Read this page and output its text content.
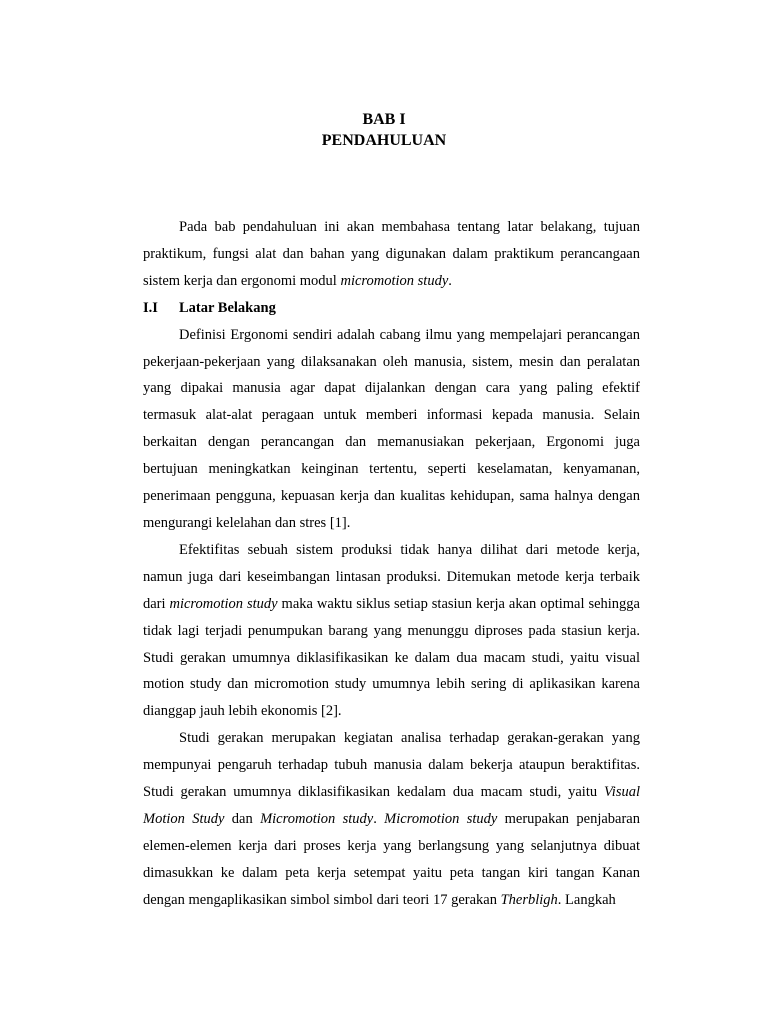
BAB I
PENDAHULUAN

Pada bab pendahuluan ini akan membahasa tentang latar belakang, tujuan praktikum, fungsi alat dan bahan yang digunakan dalam praktikum perancangaan sistem kerja dan ergonomi modul micromotion study.

I.I	Latar Belakang

Definisi Ergonomi sendiri adalah cabang ilmu yang mempelajari perancangan pekerjaan-pekerjaan yang dilaksanakan oleh manusia, sistem, mesin dan peralatan yang dipakai manusia agar dapat dijalankan dengan cara yang paling efektif termasuk alat-alat peragaan untuk memberi informasi kepada manusia. Selain berkaitan dengan perancangan dan memanusiakan pekerjaan, Ergonomi juga bertujuan meningkatkan keinginan tertentu, seperti keselamatan, kenyamanan, penerimaan pengguna, kepuasan kerja dan kualitas kehidupan, sama halnya dengan mengurangi kelelahan dan stres [1].

Efektifitas sebuah sistem produksi tidak hanya dilihat dari metode kerja, namun juga dari keseimbangan lintasan produksi. Ditemukan metode kerja terbaik dari micromotion study maka waktu siklus setiap stasiun kerja akan optimal sehingga tidak lagi terjadi penumpukan barang yang menunggu diproses pada stasiun kerja. Studi gerakan umumnya diklasifikasikan ke dalam dua macam studi, yaitu visual motion study dan micromotion study umumnya lebih sering di aplikasikan karena dianggap jauh lebih ekonomis [2].

Studi gerakan merupakan kegiatan analisa terhadap gerakan-gerakan yang mempunyai pengaruh terhadap tubuh manusia dalam bekerja ataupun beraktifitas. Studi gerakan umumnya diklasifikasikan kedalam dua macam studi, yaitu Visual Motion Study dan Micromotion study. Micromotion study merupakan penjabaran elemen-elemen kerja dari proses kerja yang berlangsung yang selanjutnya dibuat dimasukkan ke dalam peta kerja setempat yaitu peta tangan kiri tangan Kanan dengan mengaplikasikan simbol simbol dari teori 17 gerakan Therbligh. Langkah
